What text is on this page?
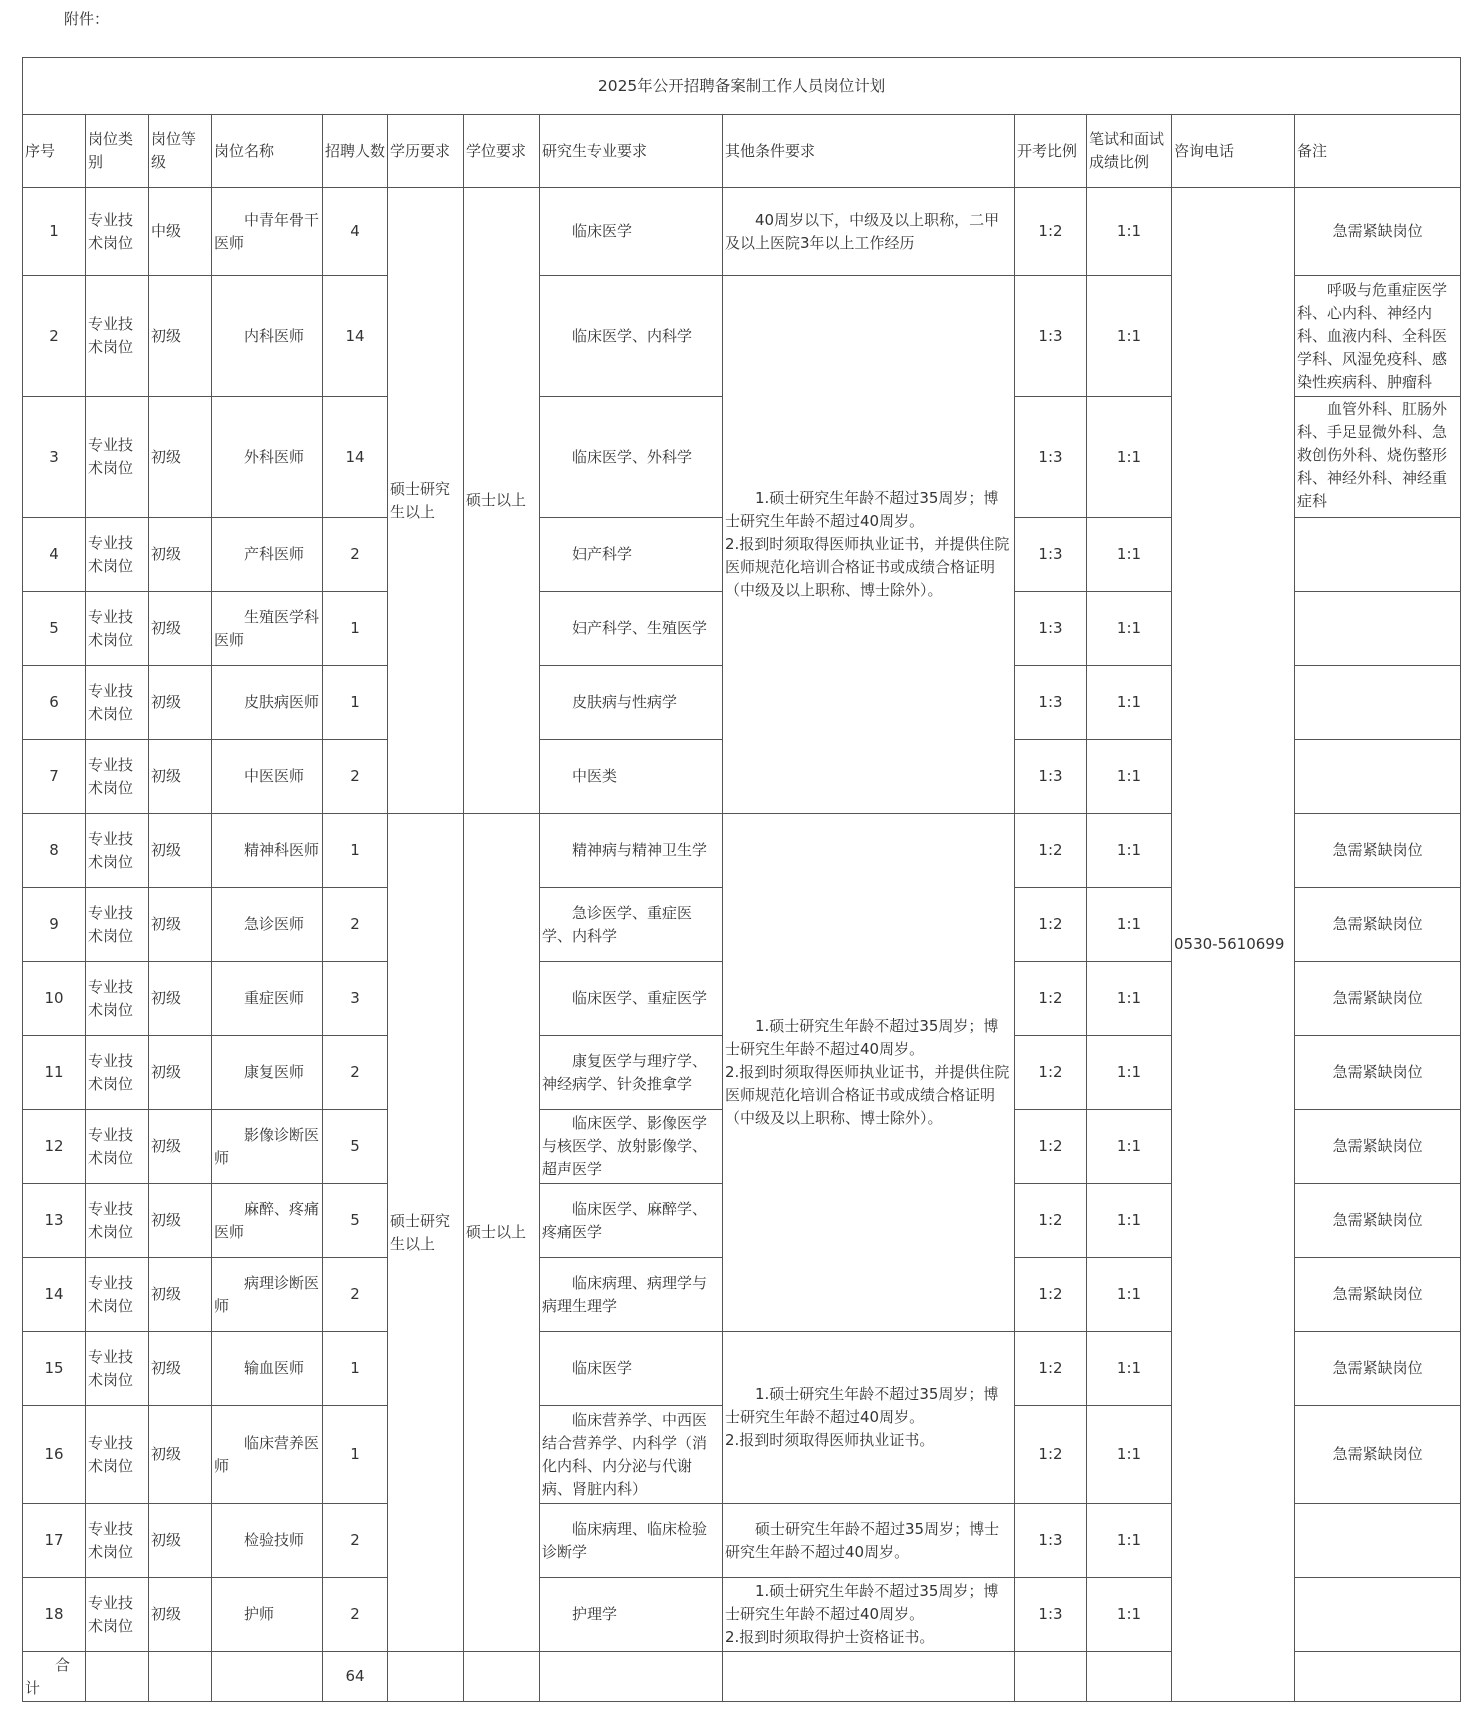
附件：
2025年公开招聘备案制工作人员岗位计划												
序号	岗位类别	岗位等级	岗位名称	招聘人数	学历要求	学位要求	研究生专业要求	其他条件要求	开考比例	笔试和面试成绩比例	咨询电话	备注
1	专业技术岗位	中级	中青年骨干医师	4	硕士研究生以上	硕士以上	临床医学	40周岁以下，中级及以上职称，二甲及以上医院3年以上工作经历	1:2	1:1	0530-5610699	急需紧缺岗位
2	专业技术岗位	初级	内科医师	14			临床医学、内科学	1.硕士研究生年龄不超过35周岁；博士研究生年龄不超过40周岁。
2.报到时须取得医师执业证书，并提供住院医师规范化培训合格证书或成绩合格证明（中级及以上职称、博士除外）。	1:3	1:1		呼吸与危重症医学科、心内科、神经内科、血液内科、全科医学科、风湿免疫科、感染性疾病科、肿瘤科
3	专业技术岗位	初级	外科医师	14			临床医学、外科学		1:3	1:1		血管外科、肛肠外科、手足显微外科、急救创伤外科、烧伤整形科、神经外科、神经重症科
4	专业技术岗位	初级	产科医师	2			妇产科学		1:3	1:1		
5	专业技术岗位	初级	生殖医学科医师	1			妇产科学、生殖医学		1:3	1:1		
6	专业技术岗位	初级	皮肤病医师	1			皮肤病与性病学		1:3	1:1		
7	专业技术岗位	初级	中医医师	2			中医类		1:3	1:1		
8	专业技术岗位	初级	精神科医师	1	硕士研究生以上	硕士以上	精神病与精神卫生学	1.硕士研究生年龄不超过35周岁；博士研究生年龄不超过40周岁。
2.报到时须取得医师执业证书，并提供住院医师规范化培训合格证书或成绩合格证明（中级及以上职称、博士除外）。	1:2	1:1		急需紧缺岗位
9	专业技术岗位	初级	急诊医师	2			急诊医学、重症医学、内科学		1:2	1:1		急需紧缺岗位
10	专业技术岗位	初级	重症医师	3			临床医学、重症医学		1:2	1:1		急需紧缺岗位
11	专业技术岗位	初级	康复医师	2			康复医学与理疗学、神经病学、针灸推拿学		1:2	1:1		急需紧缺岗位
12	专业技术岗位	初级	影像诊断医师	5			临床医学、影像医学与核医学、放射影像学、超声医学		1:2	1:1		急需紧缺岗位
13	专业技术岗位	初级	麻醉、疼痛医师	5			临床医学、麻醉学、疼痛医学		1:2	1:1		急需紧缺岗位
14	专业技术岗位	初级	病理诊断医师	2			临床病理、病理学与病理生理学		1:2	1:1		急需紧缺岗位
15	专业技术岗位	初级	输血医师	1			临床医学	1.硕士研究生年龄不超过35周岁；博士研究生年龄不超过40周岁。
2.报到时须取得医师执业证书。	1:2	1:1		急需紧缺岗位
16	专业技术岗位	初级	临床营养医师	1			临床营养学、中西医结合营养学、内科学（消化内科、内分泌与代谢病、肾脏内科）		1:2	1:1		急需紧缺岗位
17	专业技术岗位	初级	检验技师	2			临床病理、临床检验诊断学	硕士研究生年龄不超过35周岁；博士研究生年龄不超过40周岁。	1:3	1:1		
18	专业技术岗位	初级	护师	2			护理学	1.硕士研究生年龄不超过35周岁；博士研究生年龄不超过40周岁。
2.报到时须取得护士资格证书。	1:3	1:1		
合计				64								
